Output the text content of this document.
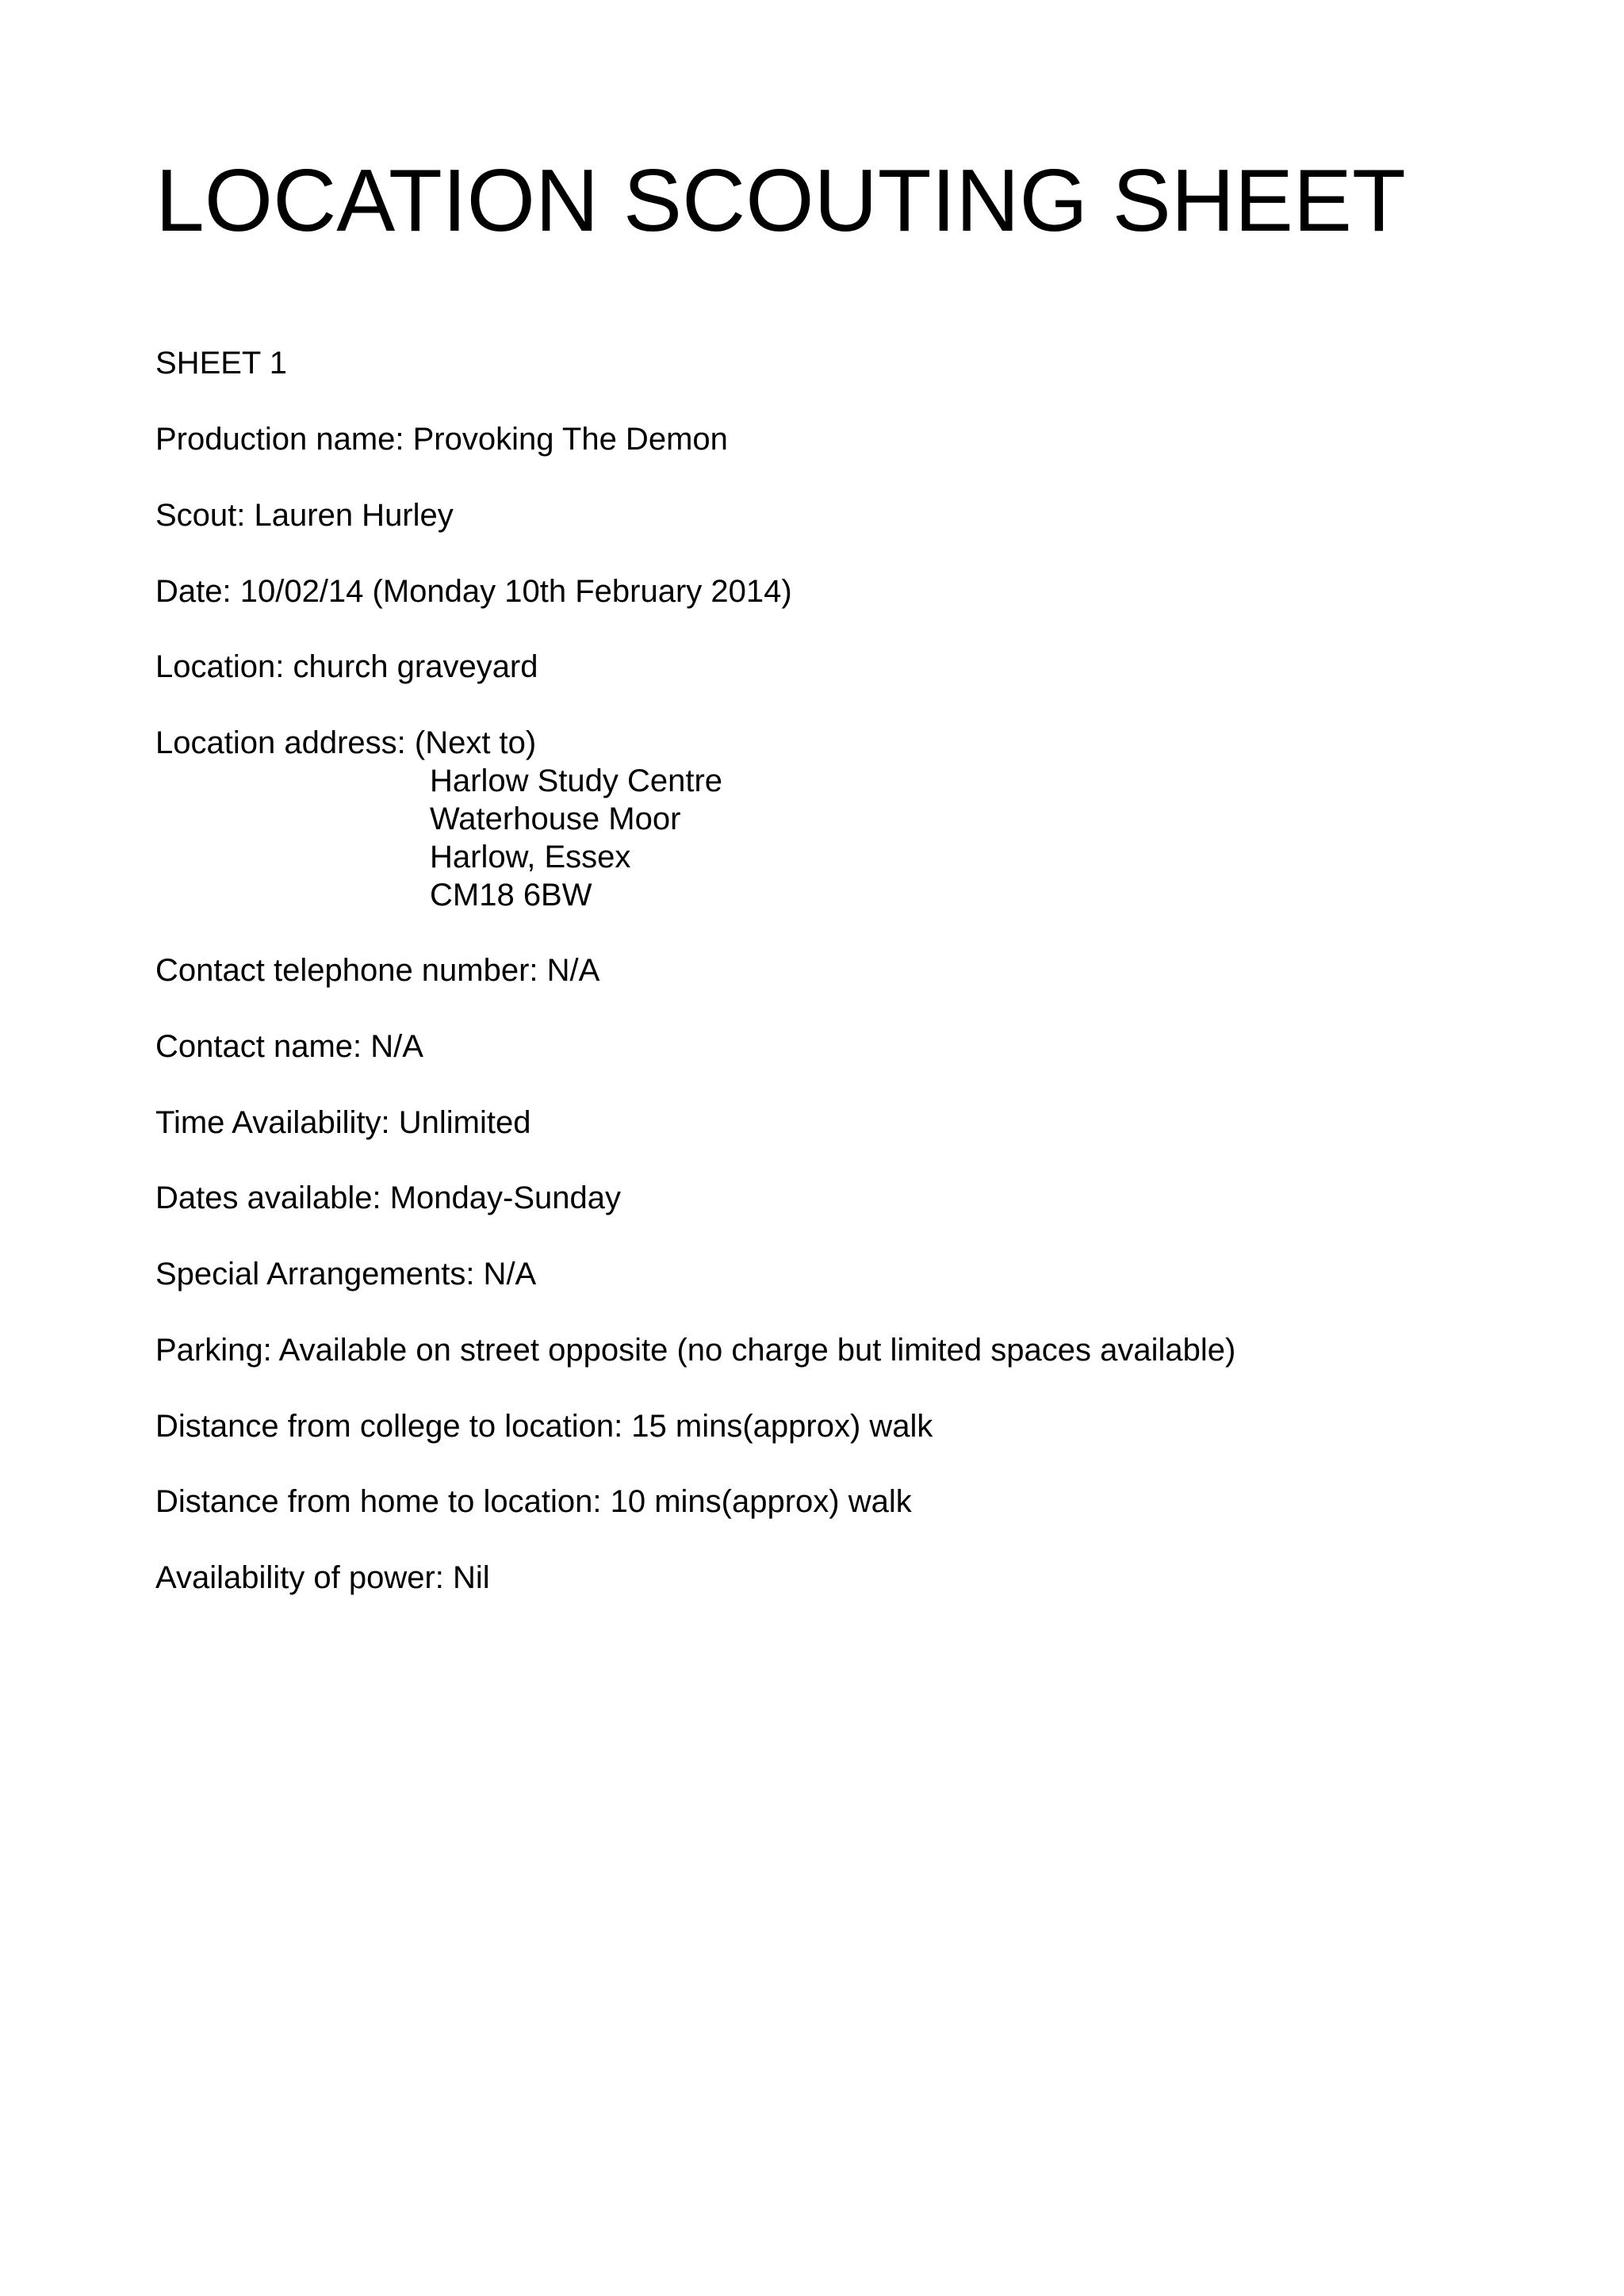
LOCATION SCOUTING SHEET

SHEET 1

Production name: Provoking The Demon

Scout: Lauren Hurley

Date: 10/02/14 (Monday 10th February 2014)

Location: church graveyard

Location address: (Next to)

Harlow Study Centre

Waterhouse Moor

Harlow, Essex

CM18 6BW

Contact telephone number: N/A

Contact name: N/A

Time Availability: Unlimited

Dates available: Monday-Sunday

Special Arrangements: N/A

Parking: Available on street opposite (no charge but limited spaces available)

Distance from college to location: 15 mins(approx) walk

Distance from home to location: 10 mins(approx) walk

Availability of power: Nil
